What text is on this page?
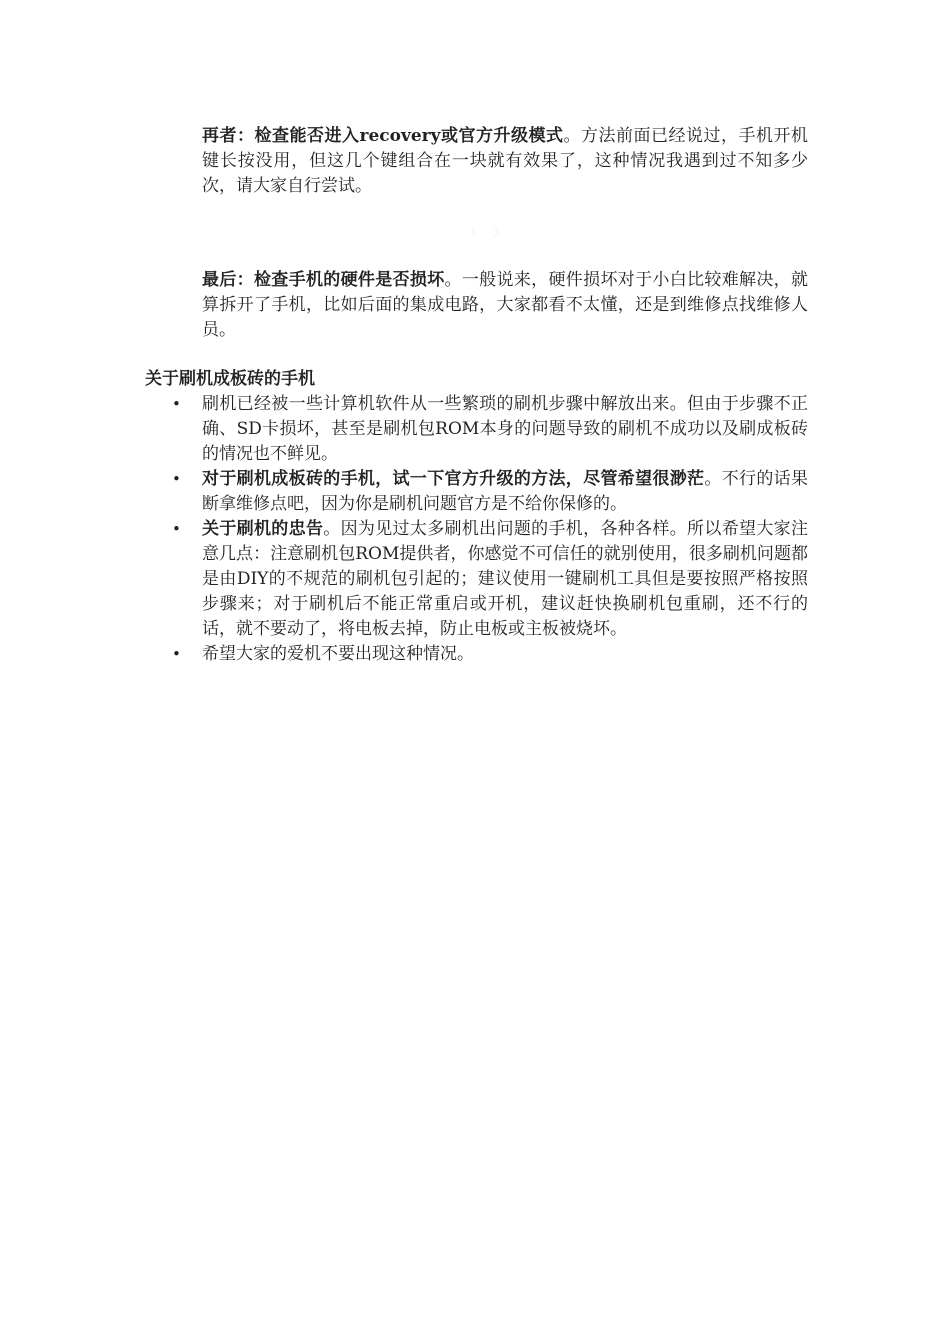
再者：检查能否进入recovery或官方升级模式。方法前面已经说过，手机开机键长按没用，但这几个键组合在一块就有效果了，这种情况我遇到过不知多少次，请大家自行尝试。

1 3

最后：检查手机的硬件是否损坏。一般说来，硬件损坏对于小白比较难解决，就算拆开了手机，比如后面的集成电路，大家都看不太懂，还是到维修点找维修人员。

关于刷机成板砖的手机
• 刷机已经被一些计算机软件从一些繁琐的刷机步骤中解放出来。但由于步骤不正确、SD卡损坏，甚至是刷机包ROM本身的问题导致的刷机不成功以及刷成板砖的情况也不鲜见。
• 对于刷机成板砖的手机，试一下官方升级的方法，尽管希望很渺茫。不行的话果断拿维修点吧，因为你是刷机问题官方是不给你保修的。
• 关于刷机的忠告。因为见过太多刷机出问题的手机，各种各样。所以希望大家注意几点：注意刷机包ROM提供者，你感觉不可信任的就别使用，很多刷机问题都是由DIY的不规范的刷机包引起的；建议使用一键刷机工具但是要按照严格按照步骤来；对于刷机后不能正常重启或开机，建议赶快换刷机包重刷，还不行的话，就不要动了，将电板去掉，防止电板或主板被烧坏。
• 希望大家的爱机不要出现这种情况。
